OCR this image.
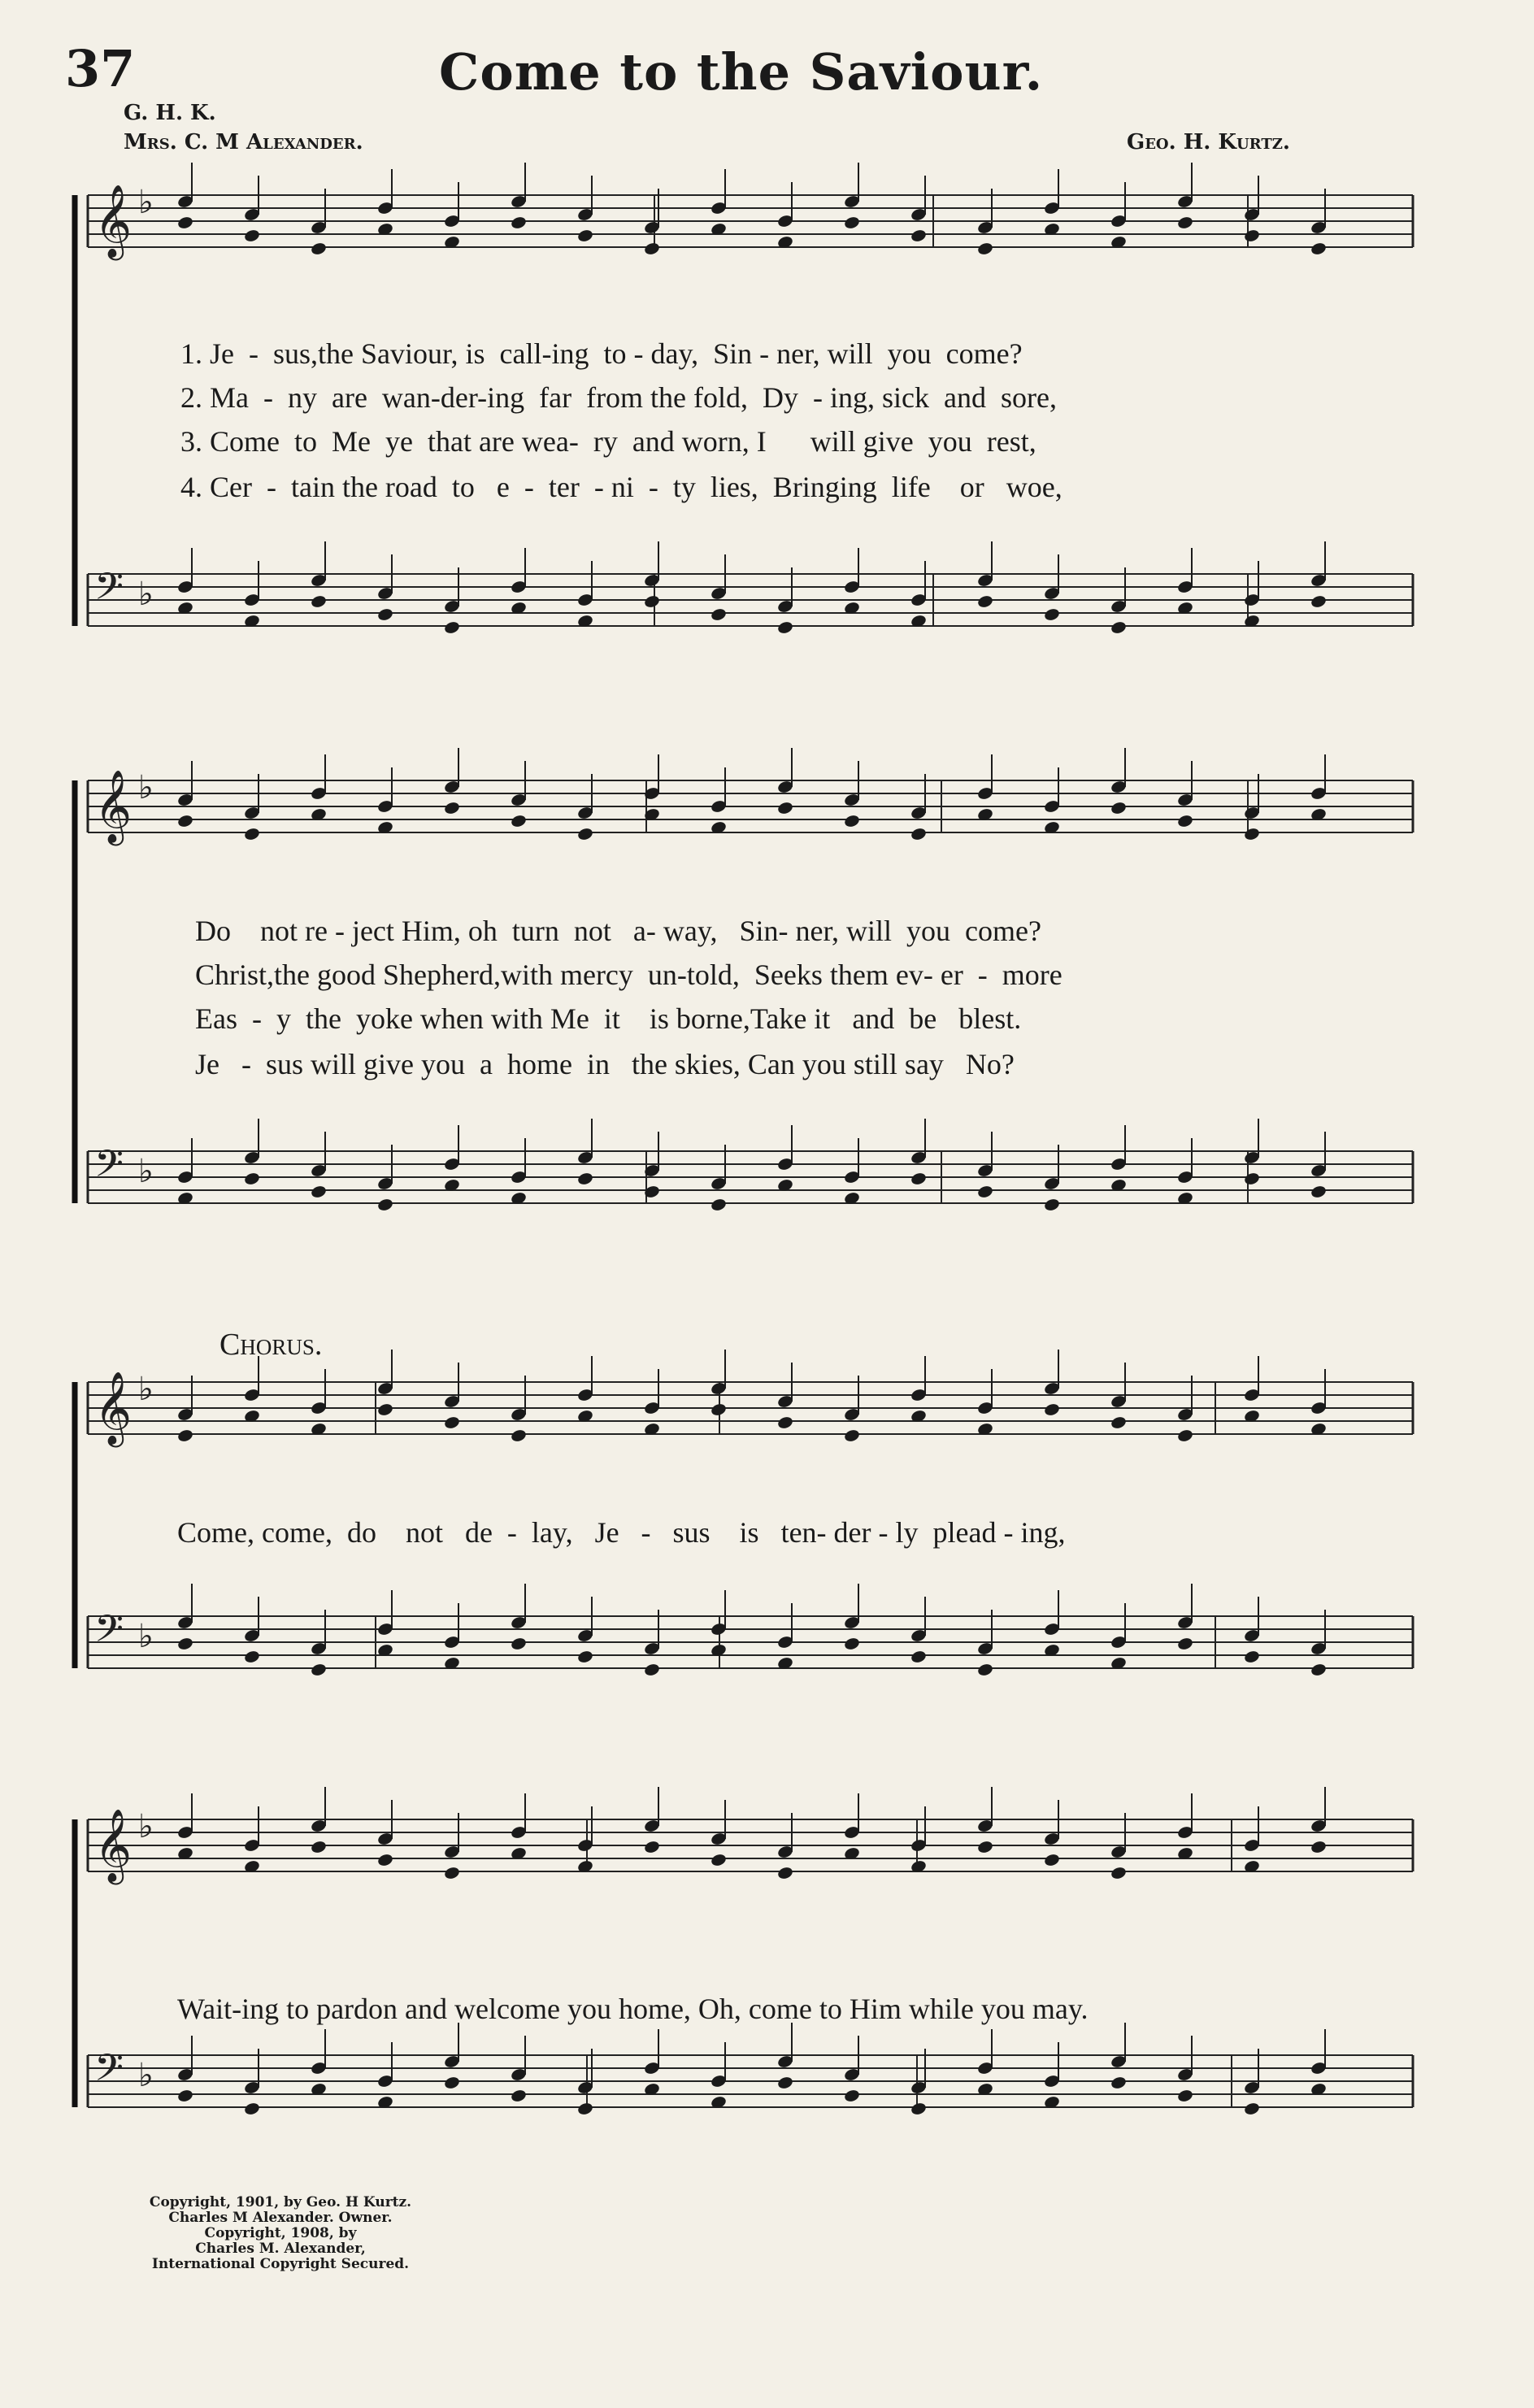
37	Come to the Saviour.
G. H. K.
Mrs. C. M Alexander.	Geo. H. Kurtz.
𝄞 ♭
𝄢 ♭
𝄞 ♭
𝄢 ♭
𝄞 ♭
𝄢 ♭
𝄞 ♭
𝄢 ♭
1. Je  -  sus,the Saviour, is  call-ing  to - day,  Sin - ner, will  you  come?
2. Ma  -  ny  are  wan-der-ing  far  from the fold,  Dy  - ing, sick  and  sore,
3. Come  to  Me  ye  that are wea-  ry  and worn, I      will give  you  rest,
4. Cer  -  tain the road  to   e  -  ter  - ni  -  ty  lies,  Bringing  life    or   woe,
Do    not re - ject Him, oh  turn  not   a- way,   Sin- ner, will  you  come?
Christ,the good Shepherd,with mercy  un-told,  Seeks them ev- er  -  more
Eas  -  y  the  yoke when with Me  it    is borne,Take it   and  be   blest.
Je   -  sus will give you  a  home  in   the skies, Can you still say   No?
Chorus.
Come, come,  do    not   de  -  lay,   Je   -   sus    is   ten- der - ly  plead - ing,
Wait-ing to pardon and welcome you home, Oh, come to Him while you may.
Copyright, 1901, by Geo. H Kurtz.
Charles M Alexander. Owner.
Copyright, 1908, by
Charles M. Alexander,
International Copyright Secured.
